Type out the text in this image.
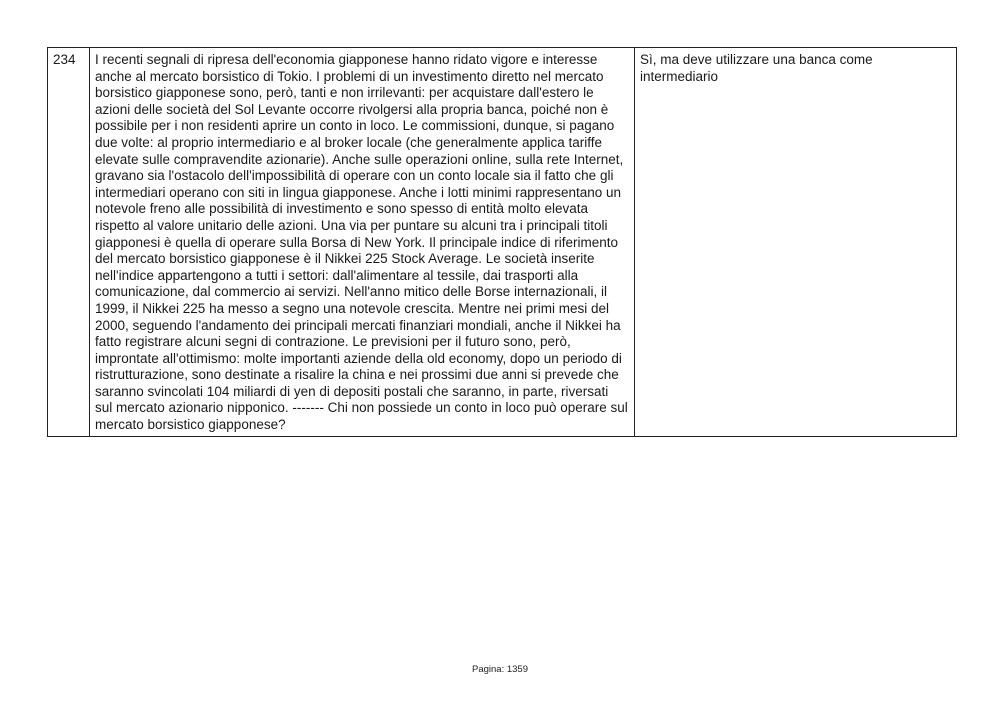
234	I recenti segnali di ripresa dell'economia giapponese hanno ridato vigore e interesse anche al mercato borsistico di Tokio. I problemi di un investimento diretto nel mercato borsistico giapponese sono, però, tanti e non irrilevanti: per acquistare dall'estero le azioni delle società del Sol Levante occorre rivolgersi alla propria banca, poiché non è possibile per i non residenti aprire un conto in loco. Le commissioni, dunque, si pagano due volte: al proprio intermediario e al broker locale (che generalmente applica tariffe elevate sulle compravendite azionarie). Anche sulle operazioni online, sulla rete Internet, gravano sia l'ostacolo dell'impossibilità di operare con un conto locale sia il fatto che gli intermediari operano con siti in lingua giapponese. Anche i lotti minimi rappresentano un notevole freno alle possibilità di investimento e sono spesso di entità molto elevata rispetto al valore unitario delle azioni. Una via per puntare su alcuni tra i principali titoli giapponesi è quella di operare sulla Borsa di New York. Il principale indice di riferimento del mercato borsistico giapponese è il Nikkei 225 Stock Average. Le società inserite nell'indice appartengono a tutti i settori: dall'alimentare al tessile, dai trasporti alla comunicazione, dal commercio ai servizi. Nell'anno mitico delle Borse internazionali, il 1999, il Nikkei 225 ha messo a segno una notevole crescita. Mentre nei primi mesi del 2000, seguendo l'andamento dei principali mercati finanziari mondiali, anche il Nikkei ha fatto registrare alcuni segni di contrazione. Le previsioni per il futuro sono, però, improntate all'ottimismo: molte importanti aziende della old economy, dopo un periodo di ristrutturazione, sono destinate a risalire la china e nei prossimi due anni si prevede che saranno svincolati 104 miliardi di yen di depositi postali che saranno, in parte, riversati sul mercato azionario nipponico. ------- Chi non possiede un conto in loco può operare sul mercato borsistico giapponese?	Sì, ma deve utilizzare una banca come intermediario
Pagina: 1359
